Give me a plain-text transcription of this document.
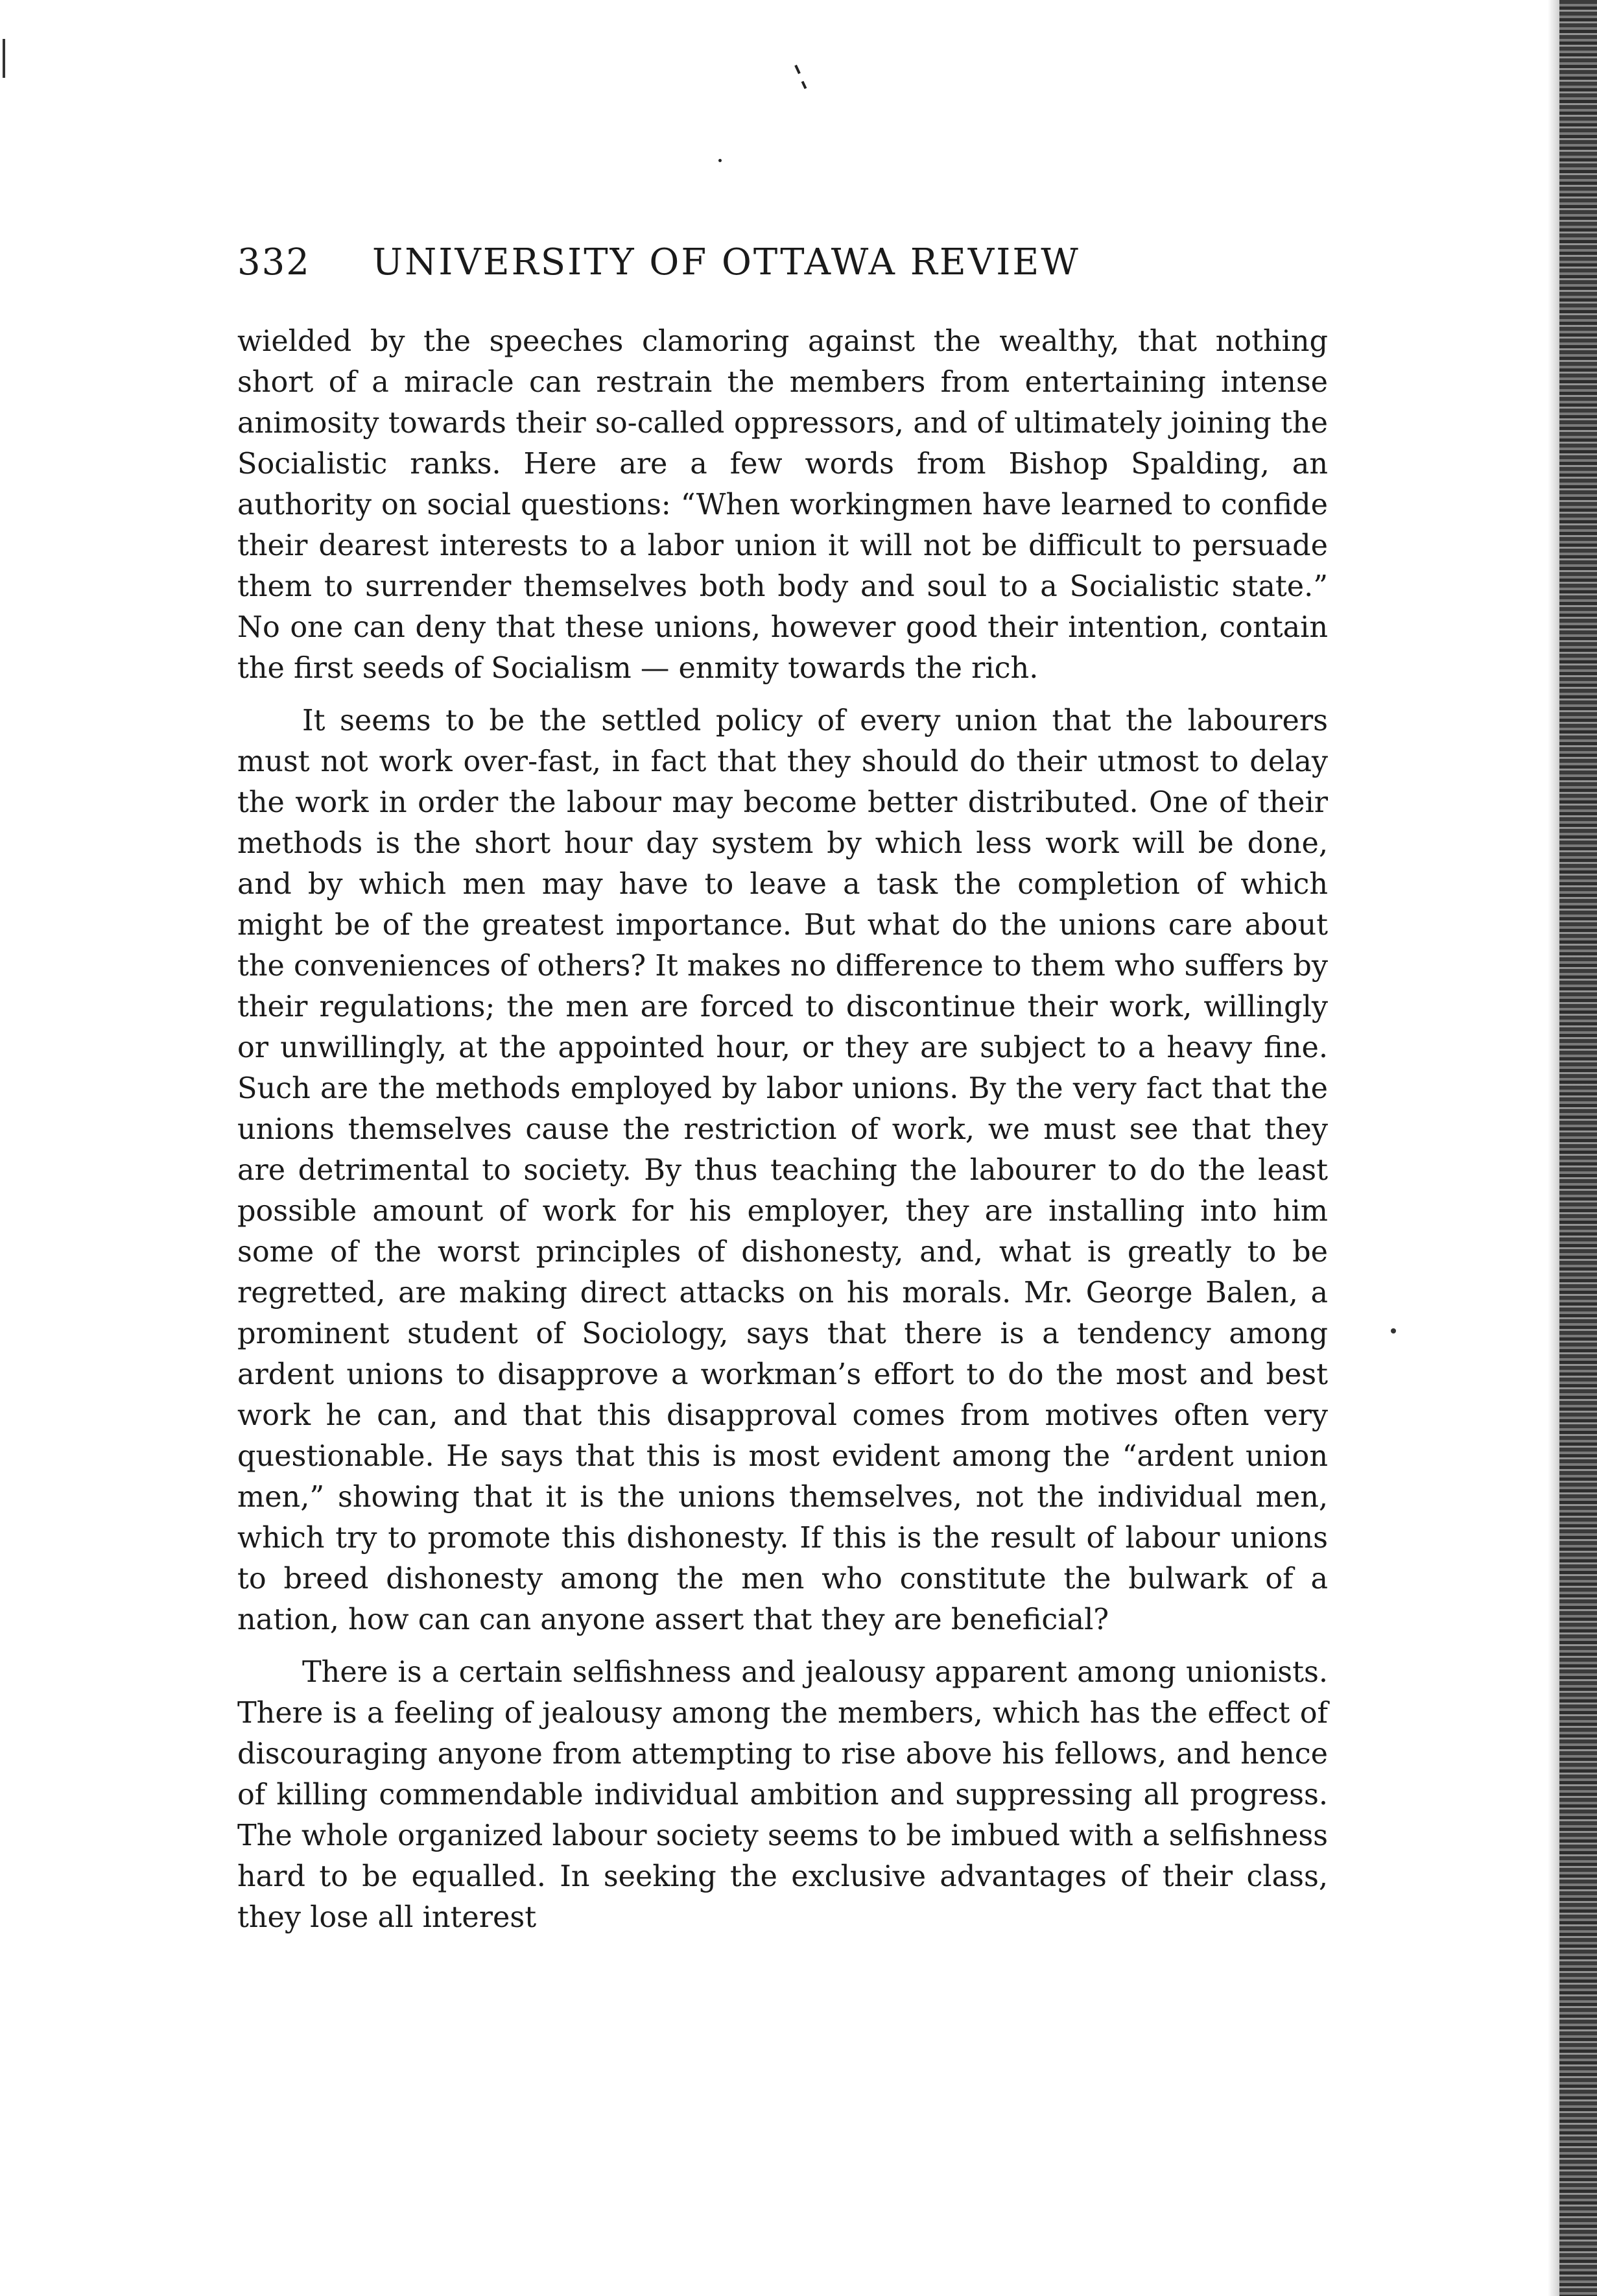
332 UNIVERSITY OF OTTAWA REVIEW

wielded by the speeches clamoring against the wealthy, that nothing short of a miracle can restrain the members from entertaining intense animosity towards their so-called oppressors, and of ultimately joining the Socialistic ranks. Here are a few words from Bishop Spalding, an authority on social questions: “When workingmen have learned to confide their dearest interests to a labor union it will not be difficult to persuade them to surrender themselves both body and soul to a Socialistic state.” No one can deny that these unions, however good their intention, contain the first seeds of Socialism — enmity towards the rich.

It seems to be the settled policy of every union that the labourers must not work over-fast, in fact that they should do their utmost to delay the work in order the labour may become better distributed. One of their methods is the short hour day system by which less work will be done, and by which men may have to leave a task the completion of which might be of the greatest importance. But what do the unions care about the conveniences of others? It makes no difference to them who suffers by their regulations; the men are forced to discontinue their work, willingly or unwillingly, at the appointed hour, or they are subject to a heavy fine. Such are the methods employed by labor unions. By the very fact that the unions themselves cause the restriction of work, we must see that they are detrimental to society. By thus teaching the labourer to do the least possible amount of work for his employer, they are installing into him some of the worst principles of dishonesty, and, what is greatly to be regretted, are making direct attacks on his morals. Mr. George Balen, a prominent student of Sociology, says that there is a tendency among ardent unions to disapprove a workman’s effort to do the most and best work he can, and that this disapproval comes from motives often very questionable. He says that this is most evident among the “ardent union men,” showing that it is the unions themselves, not the individual men, which try to promote this dishonesty. If this is the result of labour unions to breed dishonesty among the men who constitute the bulwark of a nation, how can can anyone assert that they are beneficial?

There is a certain selfishness and jealousy apparent among unionists. There is a feeling of jealousy among the members, which has the effect of discouraging anyone from attempting to rise above his fellows, and hence of killing commendable individual ambition and suppressing all progress. The whole organized labour society seems to be imbued with a selfishness hard to be equalled. In seeking the exclusive advantages of their class, they lose all interest
